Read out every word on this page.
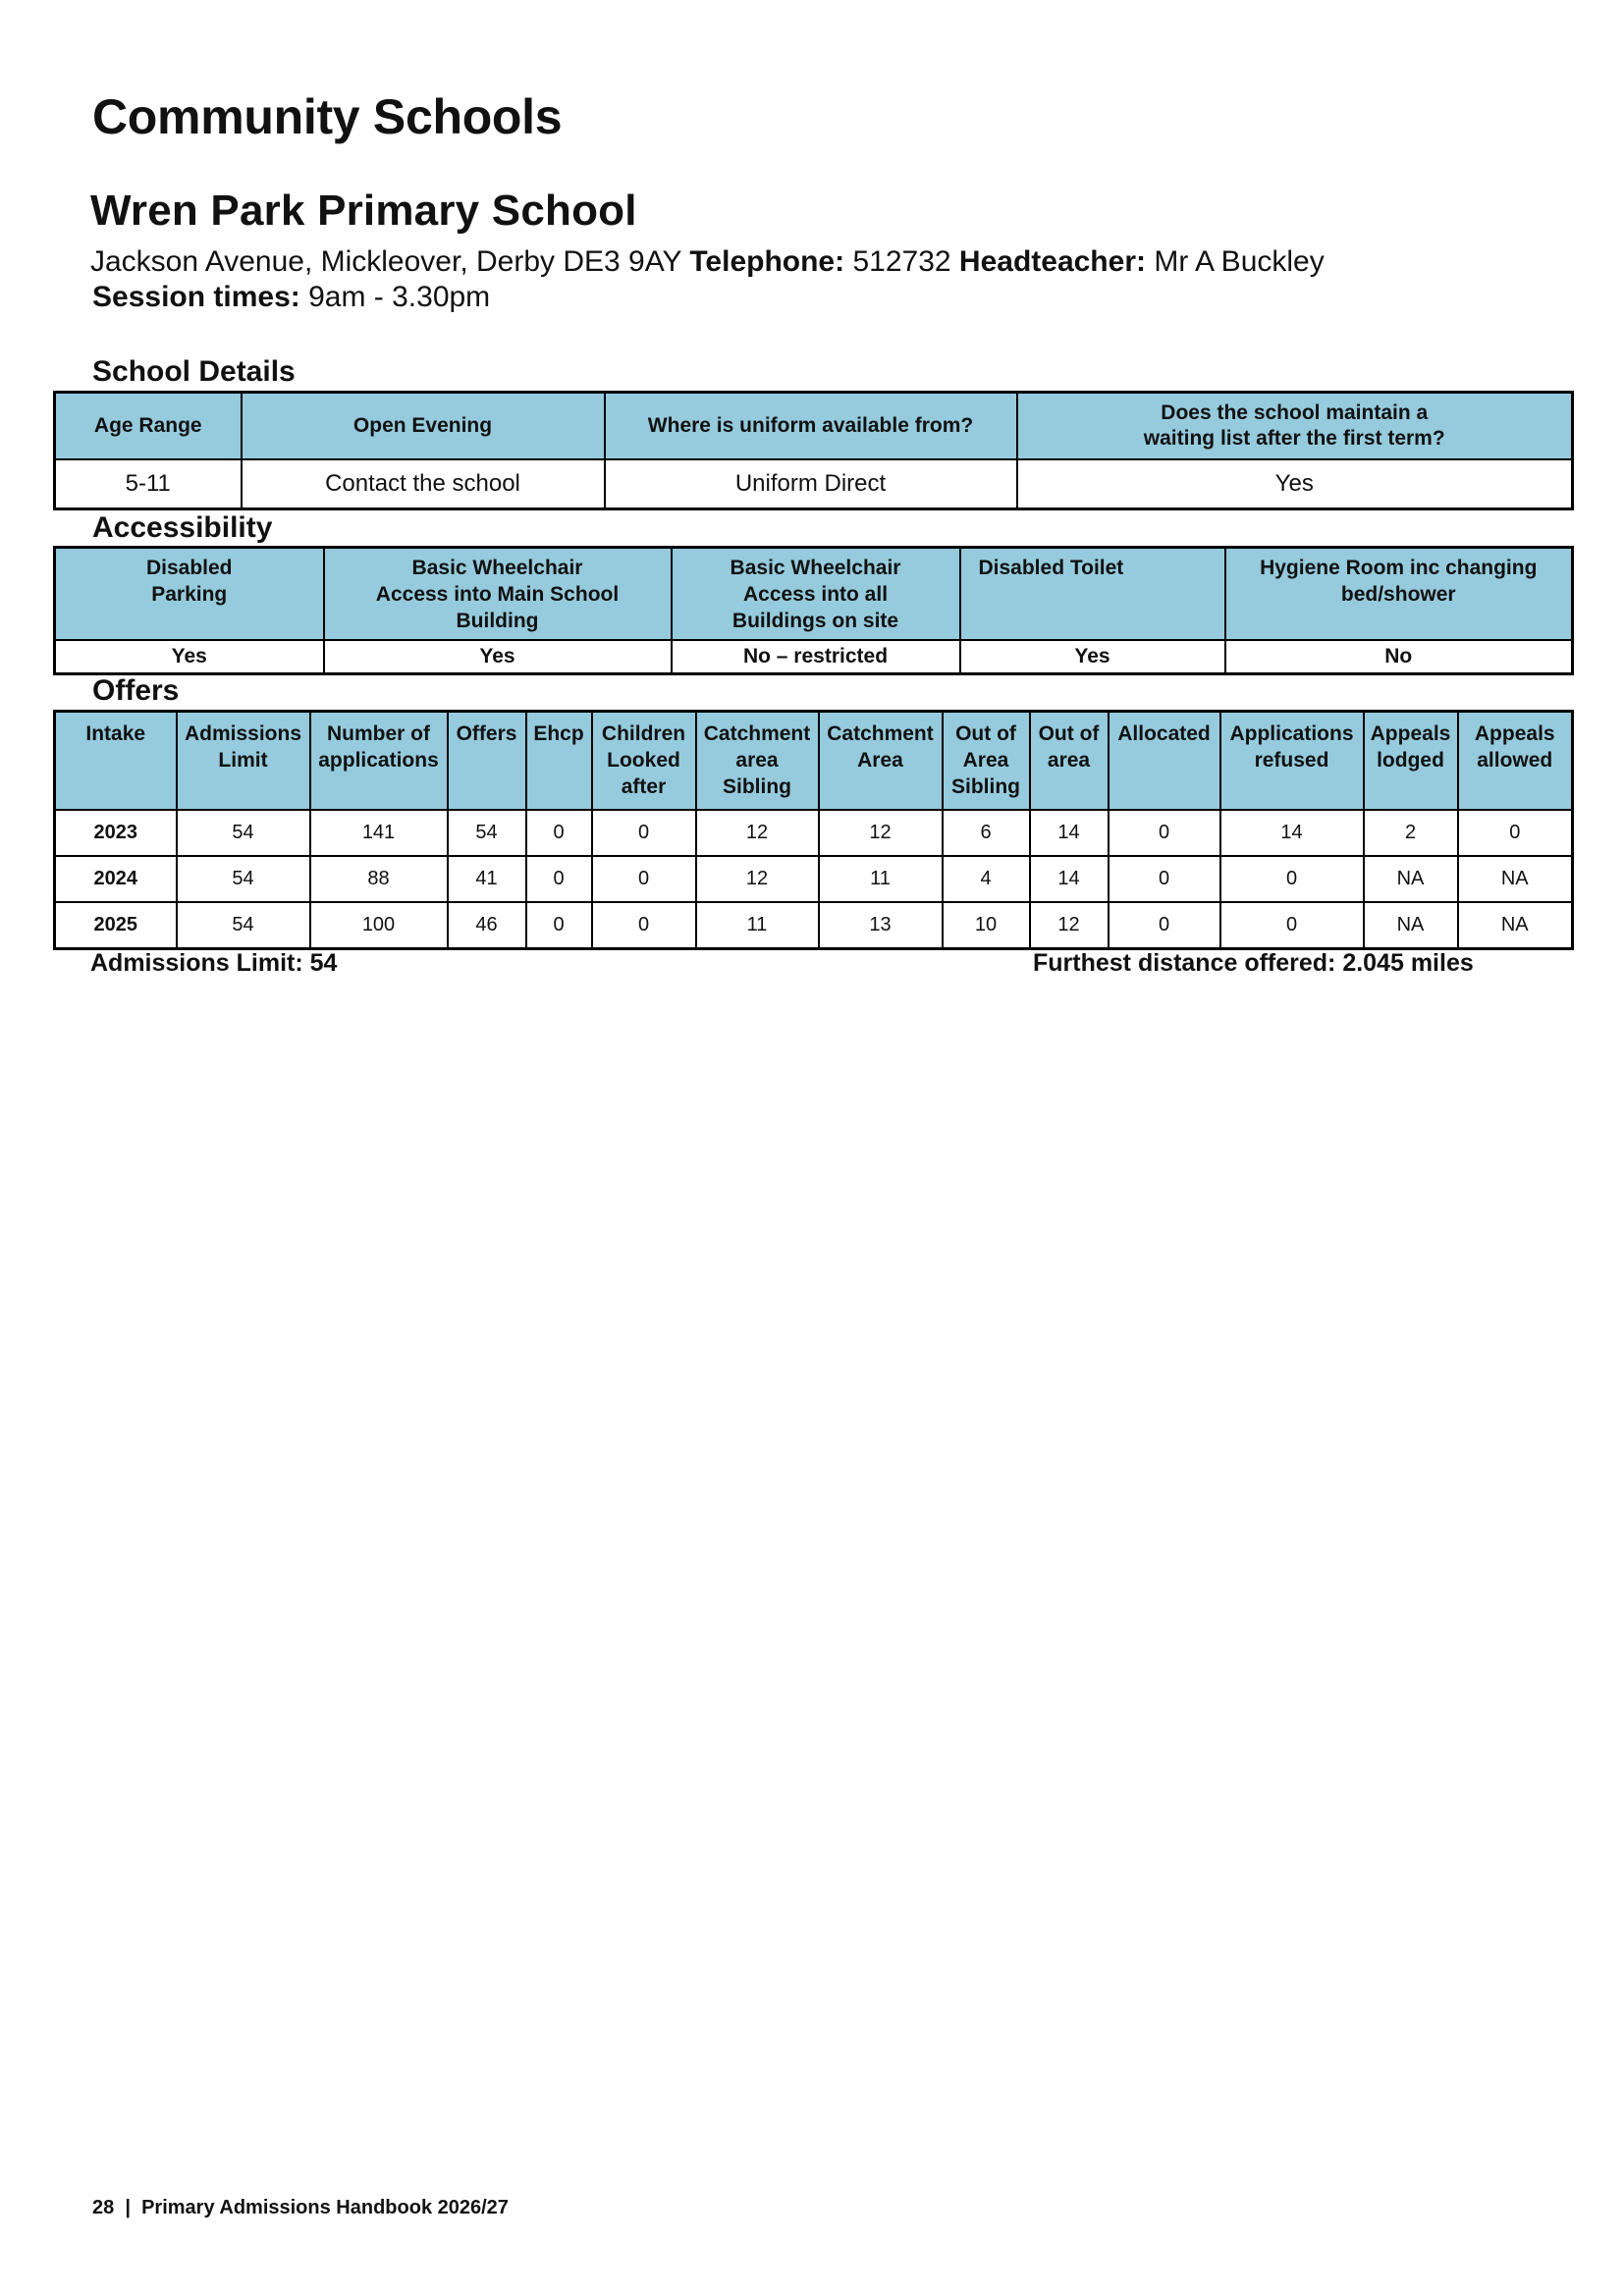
Community Schools
Wren Park Primary School
Jackson Avenue, Mickleover, Derby DE3 9AY Telephone: 512732 Headteacher: Mr A Buckley
Session times: 9am - 3.30pm
School Details
Age Range	Open Evening	Where is uniform available from?	Does the school maintain a waiting list after the first term?
5-11	Contact the school	Uniform Direct	Yes
Accessibility
Disabled Parking	Basic Wheelchair Access into Main School Building	Basic Wheelchair Access into all Buildings on site	Disabled Toilet	Hygiene Room inc changing bed/shower
Yes	Yes	No – restricted	Yes	No
Offers
Intake	Admissions Limit	Number of applications	Offers	Ehcp	Children Looked after	Catchment area Sibling	Catchment Area	Out of Area Sibling	Out of area	Allocated	Applications refused	Appeals lodged	Appeals allowed
2023	54	141	54	0	0	12	12	6	14	0	14	2	0
2024	54	88	41	0	0	12	11	4	14	0	0	NA	NA
2025	54	100	46	0	0	11	13	10	12	0	0	NA	NA
Admissions Limit: 54	Furthest distance offered: 2.045 miles
28  |  Primary Admissions Handbook 2026/27
